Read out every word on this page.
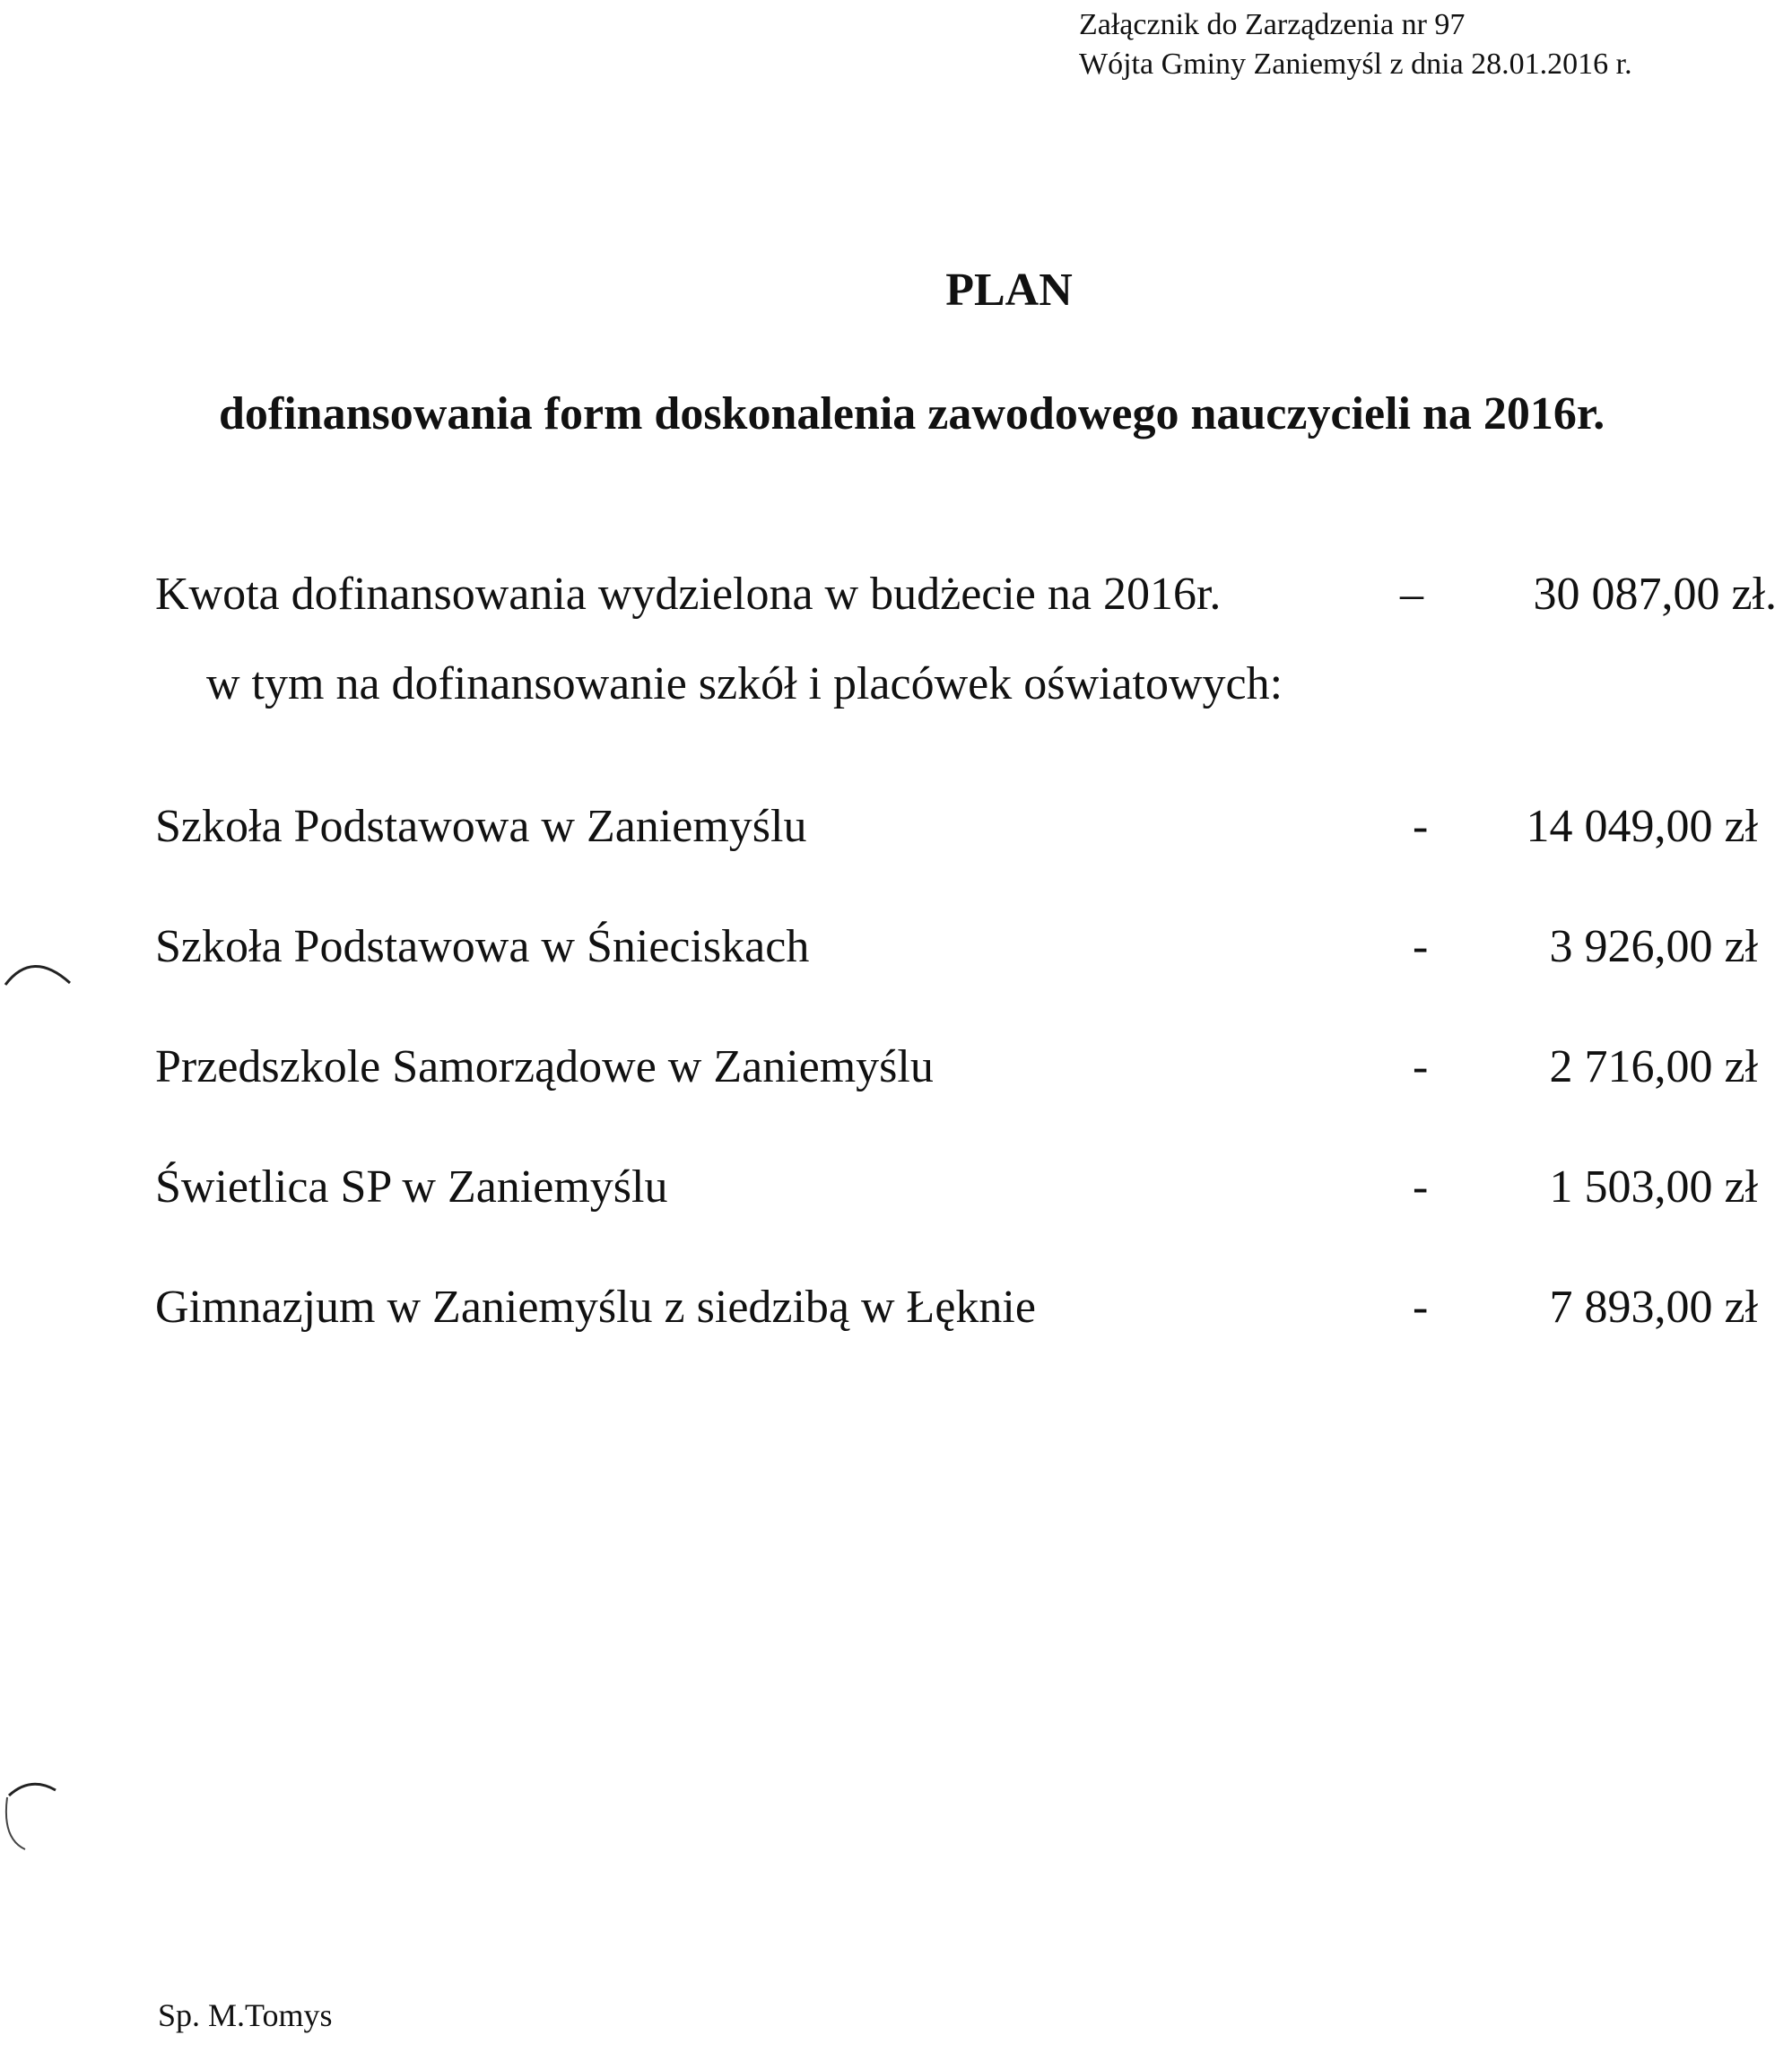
Załącznik do Zarządzenia nr 97
Wójta Gminy Zaniemyśl z dnia 28.01.2016 r.
PLAN
dofinansowania form doskonalenia zawodowego nauczycieli na 2016r.
Kwota dofinansowania wydzielona w budżecie na 2016r.	– 30 087,00 zł.
w tym na dofinansowanie szkół i placówek oświatowych:
Szkoła Podstawowa w Zaniemyślu	- 14 049,00 zł
Szkoła Podstawowa w Śnieciskach	-	3 926,00 zł
Przedszkole Samorządowe w Zaniemyślu	-	2 716,00 zł
Świetlica SP w Zaniemyślu	-	1 503,00 zł
Gimnazjum w Zaniemyślu z siedzibą w Łęknie	-	7 893,00 zł
Sp. M.Tomys
